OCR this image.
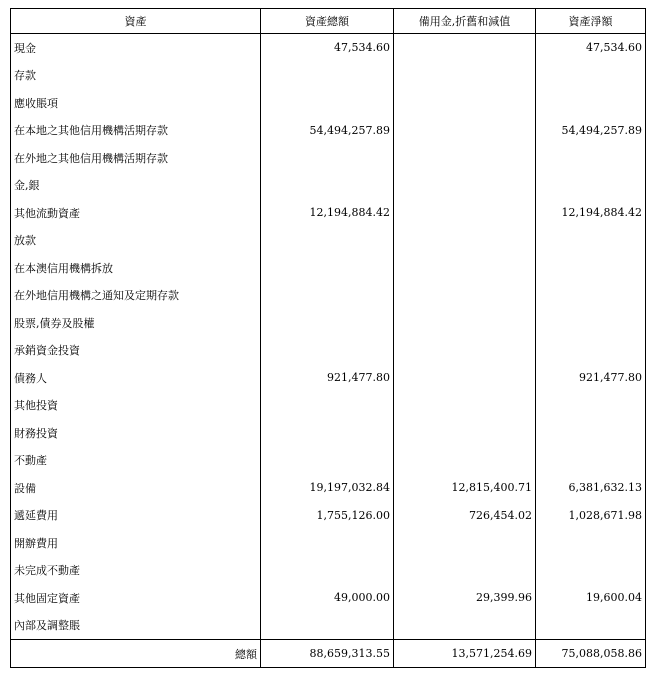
資產	資產總額	備用金,折舊和減值	資產淨額
現金	47,534.60		47,534.60
存款			
應收賬項			
在本地之其他信用機構活期存款	54,494,257.89		54,494,257.89
在外地之其他信用機構活期存款			
金,銀			
其他流動資產	12,194,884.42		12,194,884.42
放款			
在本澳信用機構拆放			
在外地信用機構之通知及定期存款			
股票,債券及股權			
承銷資金投資			
債務人	921,477.80		921,477.80
其他投資			
財務投資			
不動產			
設備	19,197,032.84	12,815,400.71	6,381,632.13
遞延費用	1,755,126.00	726,454.02	1,028,671.98
開辦費用			
未完成不動產			
其他固定資產	49,000.00	29,399.96	19,600.04
內部及調整賬			
總額	88,659,313.55	13,571,254.69	75,088,058.86
